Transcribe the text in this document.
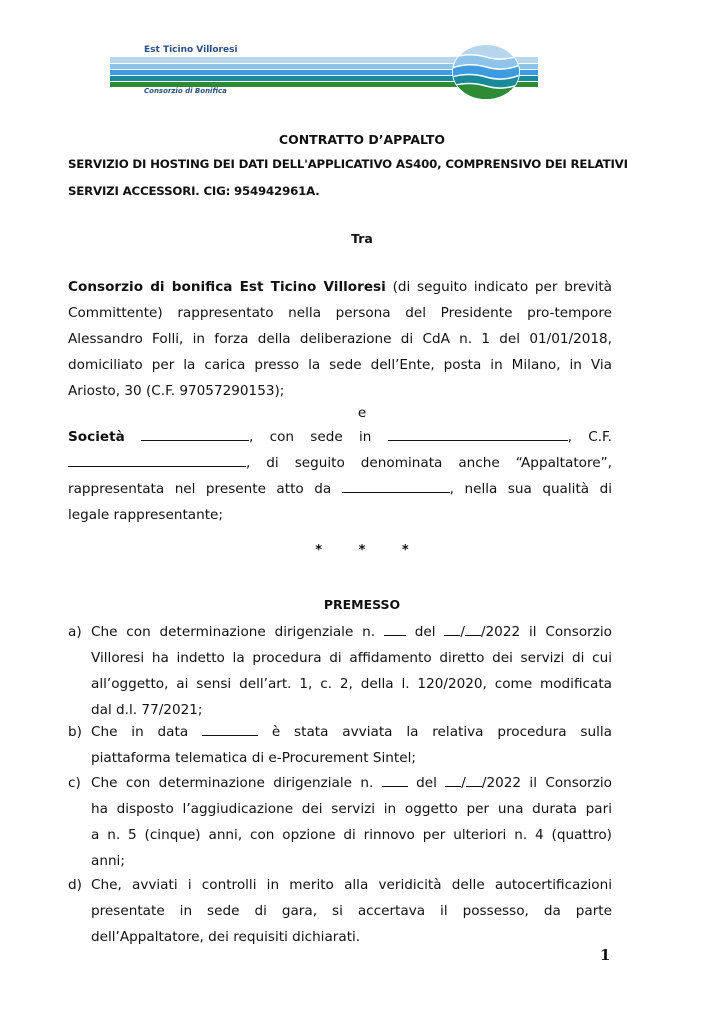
Est Ticino Villoresi
Consorzio di Bonifica
CONTRATTO D’APPALTO
SERVIZIO DI HOSTING DEI DATI DELL'APPLICATIVO AS400, COMPRENSIVO DEI RELATIVI
SERVIZI ACCESSORI. CIG: 954942961A.
Tra
Consorzio di bonifica Est Ticino Villoresi (di seguito indicato per brevità
Committente) rappresentato nella persona del Presidente pro-tempore
Alessandro Folli, in forza della deliberazione di CdA n. 1 del 01/01/2018,
domiciliato per la carica presso la sede dell’Ente, posta in Milano, in Via
Ariosto, 30 (C.F. 97057290153);
e
Società	, con sede in	, C.F.
, di seguito denominata anche “Appaltatore”,
rappresentata nel presente atto da	, nella sua qualità di
legale rappresentante;
* * *
PREMESSO
a) Che con determinazione dirigenziale n.	del / /2022 il Consorzio
Villoresi ha indetto la procedura di affidamento diretto dei servizi di cui
all’oggetto, ai sensi dell’art. 1, c. 2, della l. 120/2020, come modificata
dal d.l. 77/2021;
b) Che in data	è stata avviata la relativa procedura sulla
piattaforma telematica di e-Procurement Sintel;
c) Che con determinazione dirigenziale n.	del / /2022 il Consorzio
ha disposto l’aggiudicazione dei servizi in oggetto per una durata pari
a n. 5 (cinque) anni, con opzione di rinnovo per ulteriori n. 4 (quattro)
anni;
d) Che, avviati i controlli in merito alla veridicità delle autocertificazioni
presentate in sede di gara, si accertava il possesso, da parte
dell’Appaltatore, dei requisiti dichiarati.
1
